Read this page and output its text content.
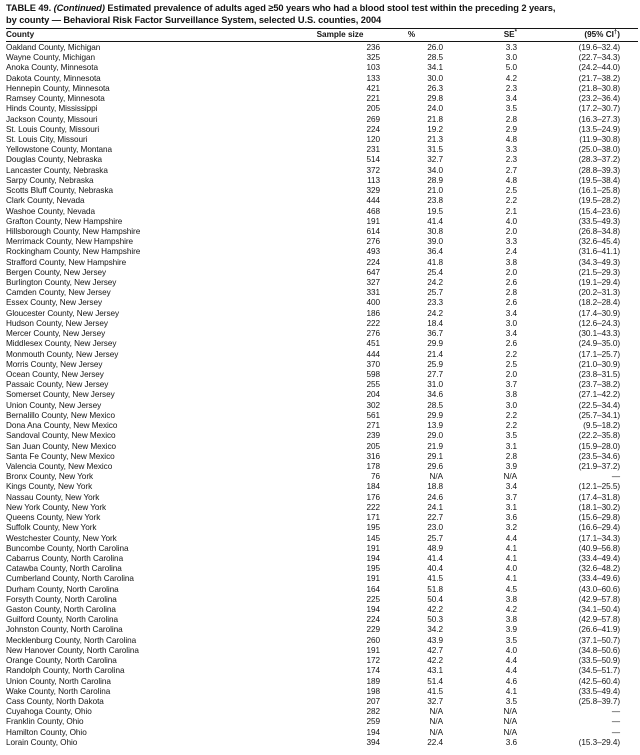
TABLE 49. (Continued) Estimated prevalence of adults aged ≥50 years who had a blood stool test within the preceding 2 years,
by county — Behavioral Risk Factor Surveillance System, selected U.S. counties, 2004
County	Sample size	%	SE*	(95% CI†)
Oakland County, Michigan	236	26.0	3.3	(19.6–32.4)
Wayne County, Michigan	325	28.5	3.0	(22.7–34.3)
Anoka County, Minnesota	103	34.1	5.0	(24.2–44.0)
Dakota County, Minnesota	133	30.0	4.2	(21.7–38.2)
Hennepin County, Minnesota	421	26.3	2.3	(21.8–30.8)
Ramsey County, Minnesota	221	29.8	3.4	(23.2–36.4)
Hinds County, Mississippi	205	24.0	3.5	(17.2–30.7)
Jackson County, Missouri	269	21.8	2.8	(16.3–27.3)
St. Louis County, Missouri	224	19.2	2.9	(13.5–24.9)
St. Louis City, Missouri	120	21.3	4.8	(11.9–30.8)
Yellowstone County, Montana	231	31.5	3.3	(25.0–38.0)
Douglas County, Nebraska	514	32.7	2.3	(28.3–37.2)
Lancaster County, Nebraska	372	34.0	2.7	(28.8–39.3)
Sarpy County, Nebraska	113	28.9	4.8	(19.5–38.4)
Scotts Bluff County, Nebraska	329	21.0	2.5	(16.1–25.8)
Clark County, Nevada	444	23.8	2.2	(19.5–28.2)
Washoe County, Nevada	468	19.5	2.1	(15.4–23.6)
Grafton County, New Hampshire	191	41.4	4.0	(33.5–49.3)
Hillsborough County, New Hampshire	614	30.8	2.0	(26.8–34.8)
Merrimack County, New Hampshire	276	39.0	3.3	(32.6–45.4)
Rockingham County, New Hampshire	493	36.4	2.4	(31.6–41.1)
Strafford County, New Hampshire	224	41.8	3.8	(34.3–49.3)
Bergen County, New Jersey	647	25.4	2.0	(21.5–29.3)
Burlington County, New Jersey	327	24.2	2.6	(19.1–29.4)
Camden County, New Jersey	331	25.7	2.8	(20.2–31.3)
Essex County, New Jersey	400	23.3	2.6	(18.2–28.4)
Gloucester County, New Jersey	186	24.2	3.4	(17.4–30.9)
Hudson County, New Jersey	222	18.4	3.0	(12.6–24.3)
Mercer County, New Jersey	276	36.7	3.4	(30.1–43.3)
Middlesex County, New Jersey	451	29.9	2.6	(24.9–35.0)
Monmouth County, New Jersey	444	21.4	2.2	(17.1–25.7)
Morris County, New Jersey	370	25.9	2.5	(21.0–30.9)
Ocean County, New Jersey	598	27.7	2.0	(23.8–31.5)
Passaic County, New Jersey	255	31.0	3.7	(23.7–38.2)
Somerset County, New Jersey	204	34.6	3.8	(27.1–42.2)
Union County, New Jersey	302	28.5	3.0	(22.5–34.4)
Bernalillo County, New Mexico	561	29.9	2.2	(25.7–34.1)
Dona Ana County, New Mexico	271	13.9	2.2	(9.5–18.2)
Sandoval County, New Mexico	239	29.0	3.5	(22.2–35.8)
San Juan County, New Mexico	205	21.9	3.1	(15.9–28.0)
Santa Fe County, New Mexico	316	29.1	2.8	(23.5–34.6)
Valencia County, New Mexico	178	29.6	3.9	(21.9–37.2)
Bronx County, New York	76	N/A	N/A	—
Kings County, New York	184	18.8	3.4	(12.1–25.5)
Nassau County, New York	176	24.6	3.7	(17.4–31.8)
New York County, New York	222	24.1	3.1	(18.1–30.2)
Queens County, New York	171	22.7	3.6	(15.6–29.8)
Suffolk County, New York	195	23.0	3.2	(16.6–29.4)
Westchester County, New York	145	25.7	4.4	(17.1–34.3)
Buncombe County, North Carolina	191	48.9	4.1	(40.9–56.8)
Cabarrus County, North Carolina	194	41.4	4.1	(33.4–49.4)
Catawba County, North Carolina	195	40.4	4.0	(32.6–48.2)
Cumberland County, North Carolina	191	41.5	4.1	(33.4–49.6)
Durham County, North Carolina	164	51.8	4.5	(43.0–60.6)
Forsyth County, North Carolina	225	50.4	3.8	(42.9–57.8)
Gaston County, North Carolina	194	42.2	4.2	(34.1–50.4)
Guilford County, North Carolina	224	50.3	3.8	(42.9–57.8)
Johnston County, North Carolina	229	34.2	3.9	(26.6–41.9)
Mecklenburg County, North Carolina	260	43.9	3.5	(37.1–50.7)
New Hanover County, North Carolina	191	42.7	4.0	(34.8–50.6)
Orange County, North Carolina	172	42.2	4.4	(33.5–50.9)
Randolph County, North Carolina	174	43.1	4.4	(34.5–51.7)
Union County, North Carolina	189	51.4	4.6	(42.5–60.4)
Wake County, North Carolina	198	41.5	4.1	(33.5–49.4)
Cass County, North Dakota	207	32.7	3.5	(25.8–39.7)
Cuyahoga County, Ohio	282	N/A	N/A	—
Franklin County, Ohio	259	N/A	N/A	—
Hamilton County, Ohio	194	N/A	N/A	—
Lorain County, Ohio	394	22.4	3.6	(15.3–29.4)
